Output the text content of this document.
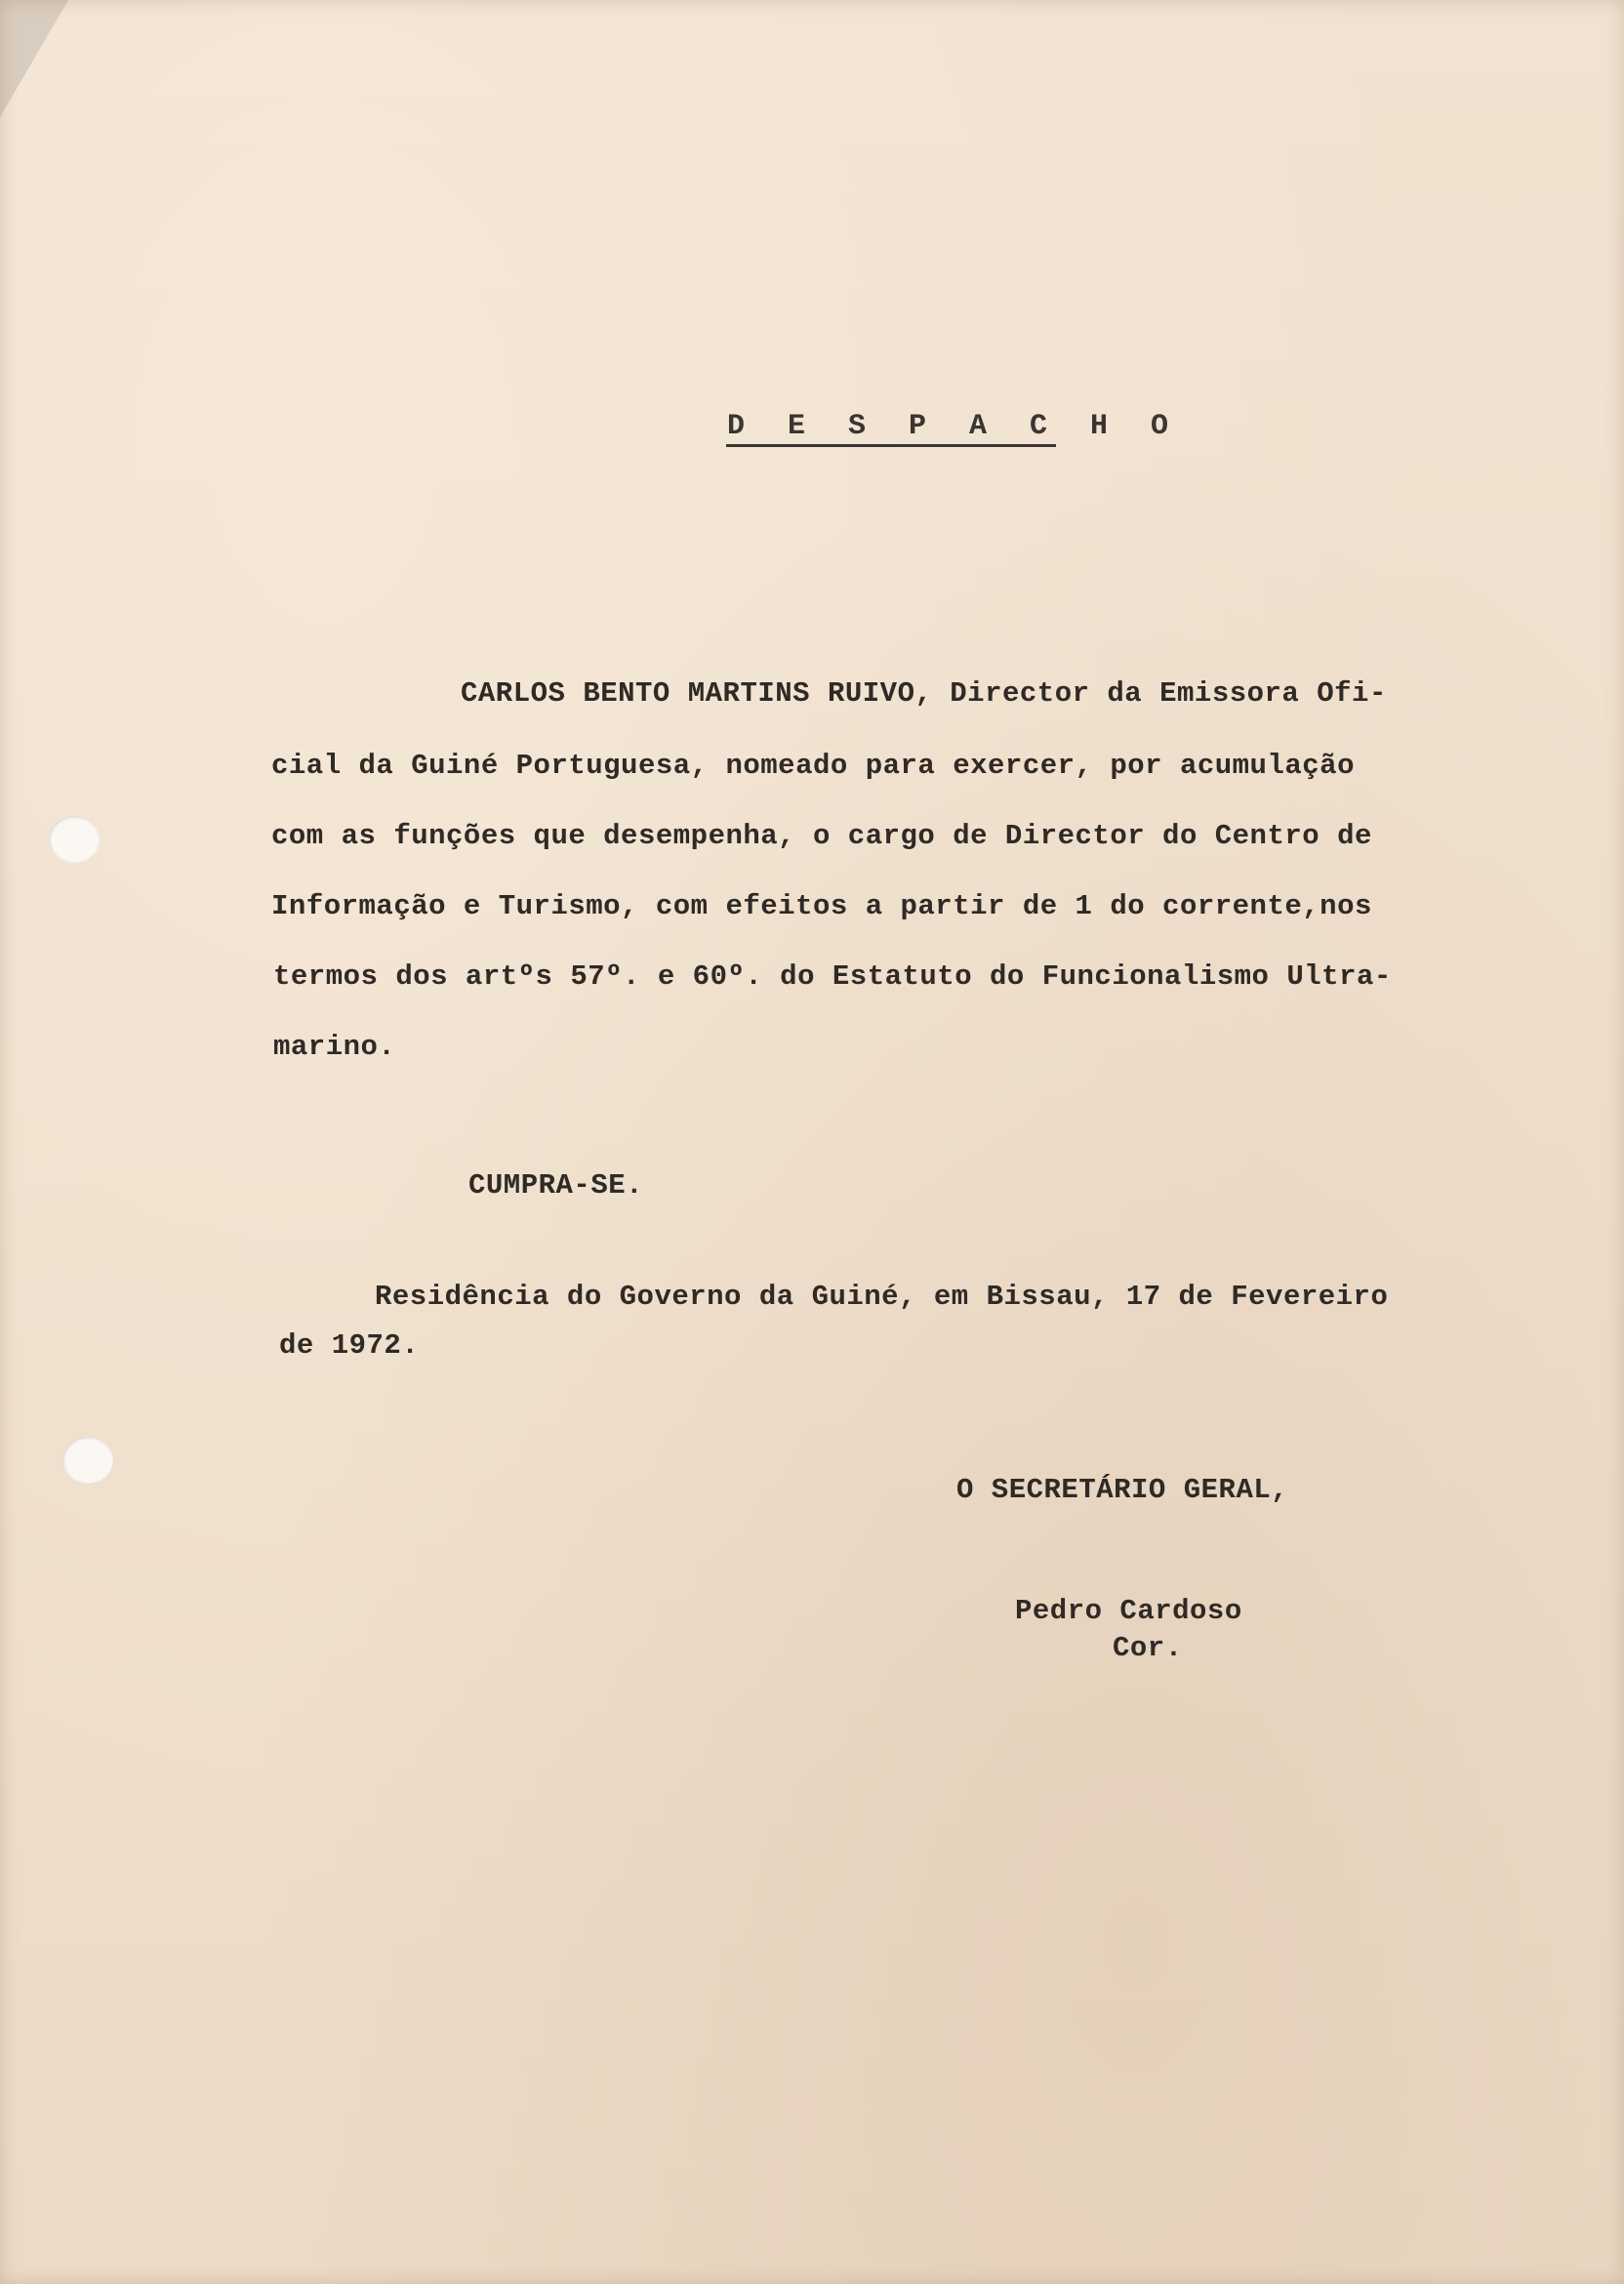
D E S P A C H O
CARLOS BENTO MARTINS RUIVO, Director da Emissora Ofi-
cial da Guiné Portuguesa, nomeado para exercer, por acumulação
com as funções que desempenha, o cargo de Director do Centro de
Informação e Turismo, com efeitos a partir de 1 do corrente,nos
termos dos artºs 57º. e 60º. do Estatuto do Funcionalismo Ultra-
marino.
CUMPRA-SE.
Residência do Governo da Guiné, em Bissau, 17 de Fevereiro
de 1972.
O SECRETÁRIO GERAL,
Pedro Cardoso
Cor.
